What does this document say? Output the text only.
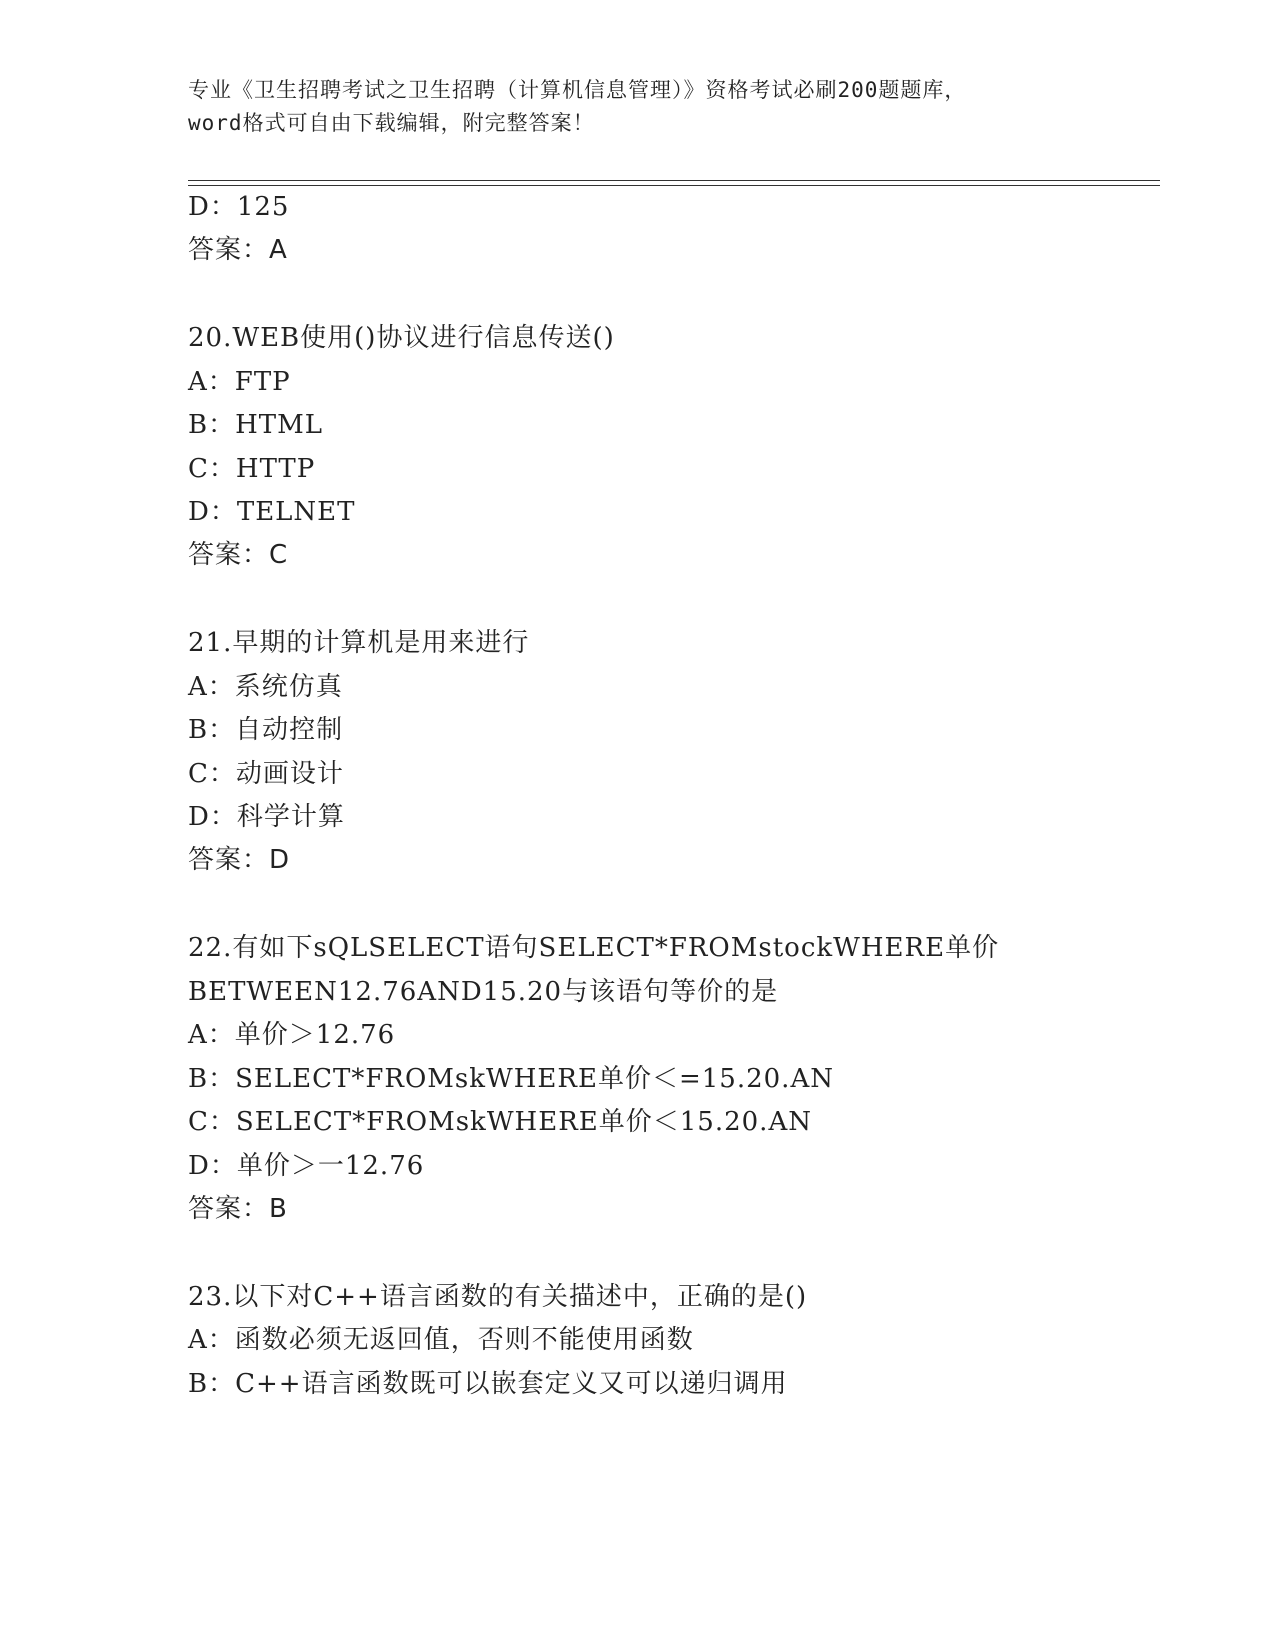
专业《卫生招聘考试之卫生招聘（计算机信息管理）》资格考试必刷200题题库，
word格式可自由下载编辑，附完整答案！
D：125
答案：A
20.WEB使用()协议进行信息传送()
A：FTP
B：HTML
C：HTTP
D：TELNET
答案：C
21.早期的计算机是用来进行
A：系统仿真
B：自动控制
C：动画设计
D：科学计算
答案：D
22.有如下sQLSELECT语句SELECT*FROMstockWHERE单价
BETWEEN12.76AND15.20与该语句等价的是
A：单价＞12.76
B：SELECT*FROMskWHERE单价＜=15.20.AN
C：SELECT*FROMskWHERE单价＜15.20.AN
D：单价＞一12.76
答案：B
23.以下对C++语言函数的有关描述中，正确的是()
A：函数必须无返回值，否则不能使用函数
B：C++语言函数既可以嵌套定义又可以递归调用
